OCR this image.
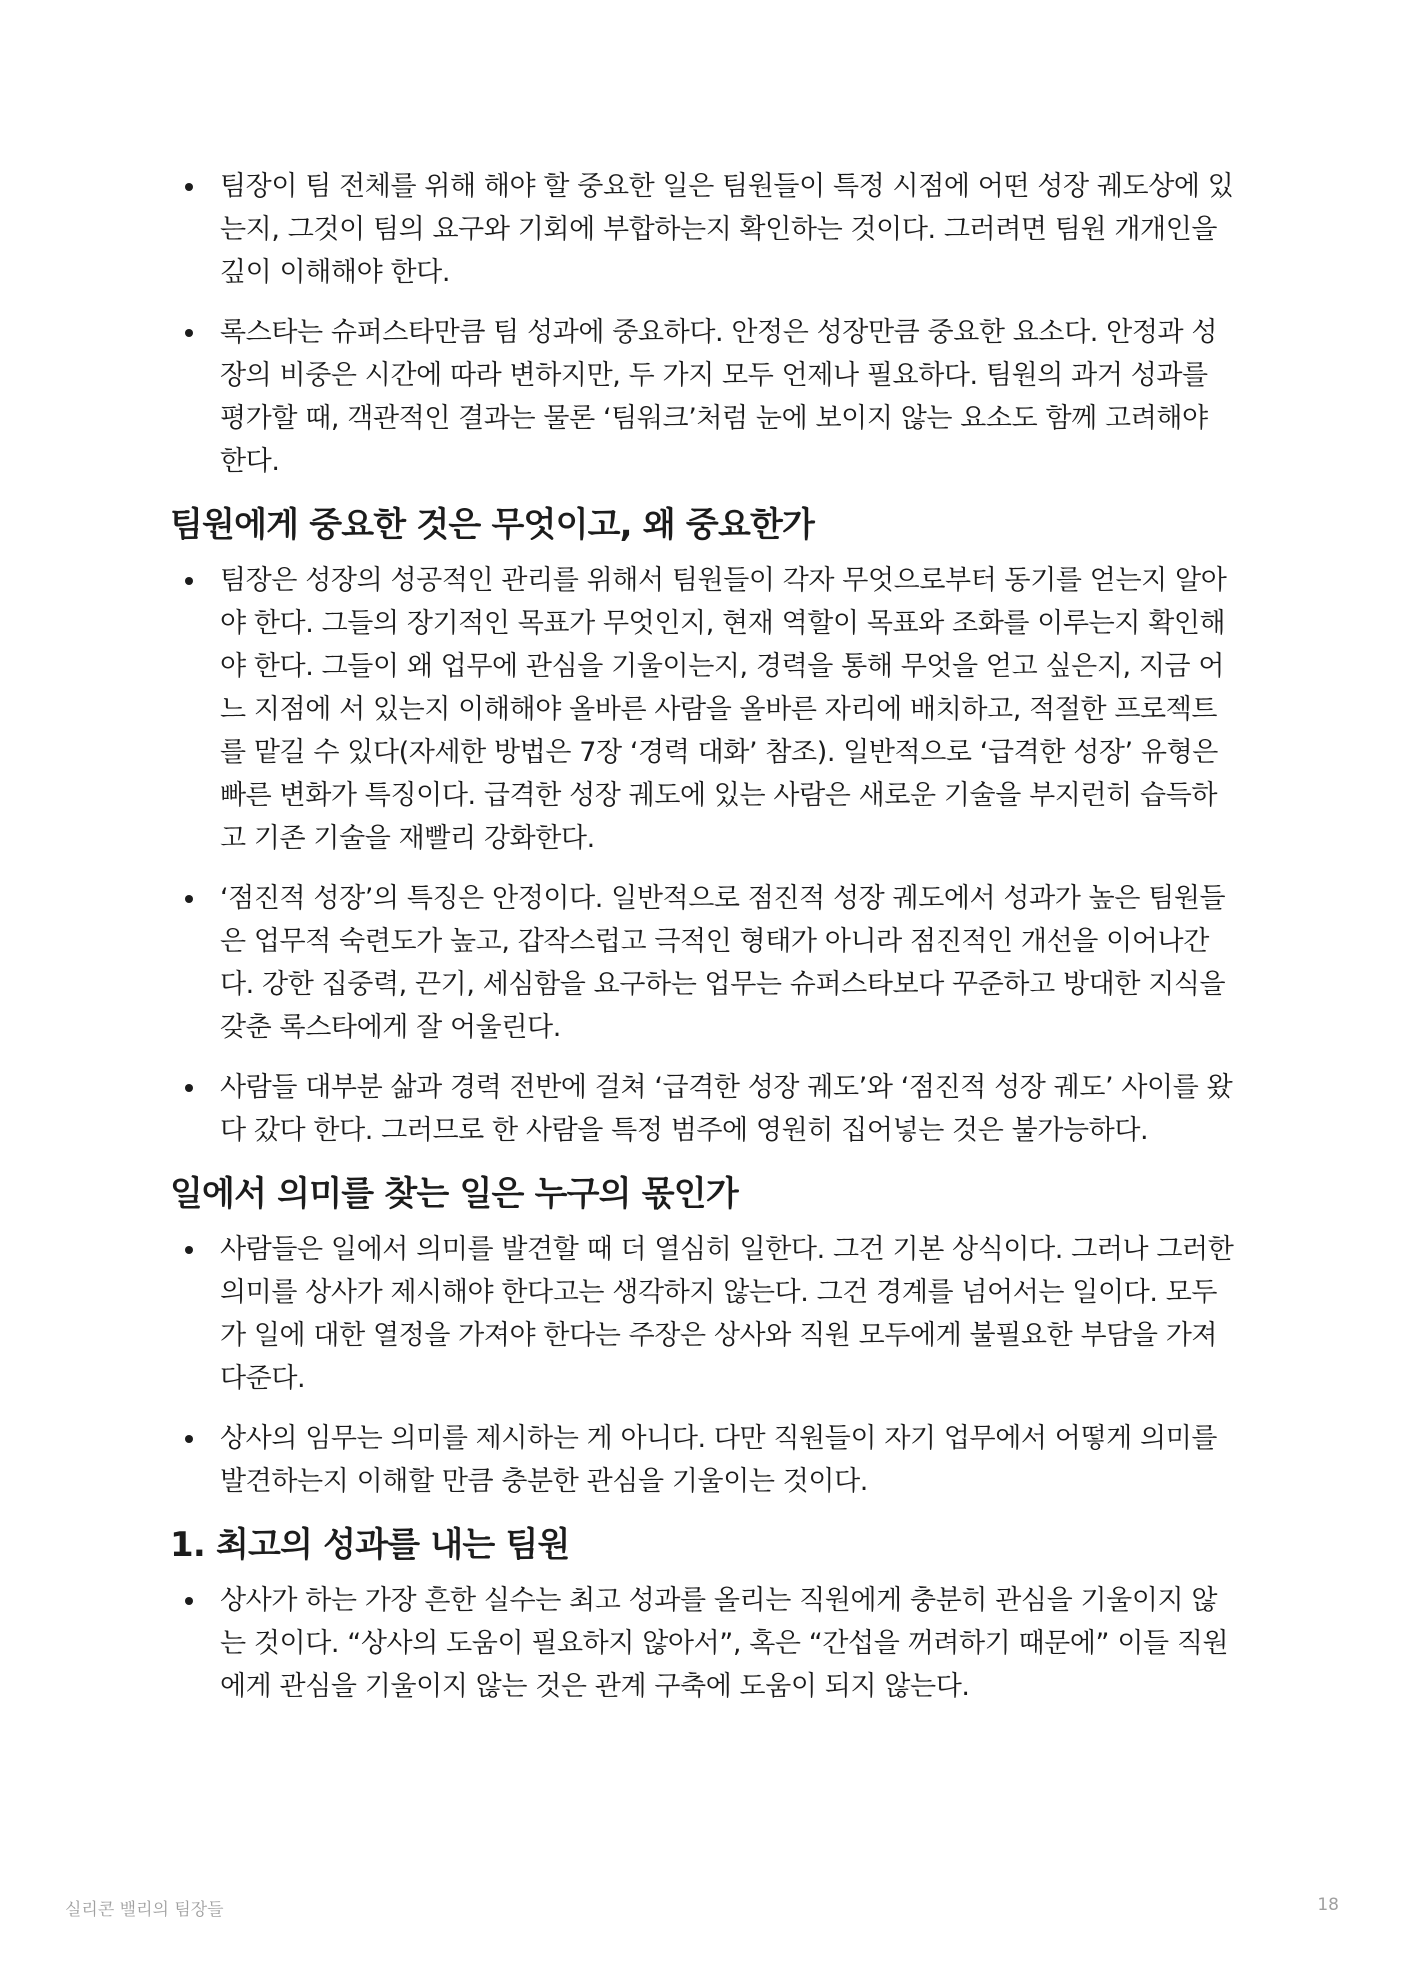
팀장이 팀 전체를 위해 해야 할 중요한 일은 팀원들이 특정 시점에 어떤 성장 궤도상에 있는지, 그것이 팀의 요구와 기회에 부합하는지 확인하는 것이다. 그러려면 팀원 개개인을 깊이 이해해야 한다.
록스타는 슈퍼스타만큼 팀 성과에 중요하다. 안정은 성장만큼 중요한 요소다. 안정과 성장의 비중은 시간에 따라 변하지만, 두 가지 모두 언제나 필요하다. 팀원의 과거 성과를 평가할 때, 객관적인 결과는 물론 ‘팀워크’처럼 눈에 보이지 않는 요소도 함께 고려해야 한다.
팀원에게 중요한 것은 무엇이고, 왜 중요한가
팀장은 성장의 성공적인 관리를 위해서 팀원들이 각자 무엇으로부터 동기를 얻는지 알아야 한다. 그들의 장기적인 목표가 무엇인지, 현재 역할이 목표와 조화를 이루는지 확인해야 한다. 그들이 왜 업무에 관심을 기울이는지, 경력을 통해 무엇을 얻고 싶은지, 지금 어느 지점에 서 있는지 이해해야 올바른 사람을 올바른 자리에 배치하고, 적절한 프로젝트를 맡길 수 있다(자세한 방법은 7장 ‘경력 대화’ 참조). 일반적으로 ‘급격한 성장’ 유형은 빠른 변화가 특징이다. 급격한 성장 궤도에 있는 사람은 새로운 기술을 부지런히 습득하고 기존 기술을 재빨리 강화한다.
‘점진적 성장’의 특징은 안정이다. 일반적으로 점진적 성장 궤도에서 성과가 높은 팀원들은 업무적 숙련도가 높고, 갑작스럽고 극적인 형태가 아니라 점진적인 개선을 이어나간다. 강한 집중력, 끈기, 세심함을 요구하는 업무는 슈퍼스타보다 꾸준하고 방대한 지식을 갖춘 록스타에게 잘 어울린다.
사람들 대부분 삶과 경력 전반에 걸쳐 ‘급격한 성장 궤도’와 ‘점진적 성장 궤도’ 사이를 왔다 갔다 한다. 그러므로 한 사람을 특정 범주에 영원히 집어넣는 것은 불가능하다.
일에서 의미를 찾는 일은 누구의 몫인가
사람들은 일에서 의미를 발견할 때 더 열심히 일한다. 그건 기본 상식이다. 그러나 그러한 의미를 상사가 제시해야 한다고는 생각하지 않는다. 그건 경계를 넘어서는 일이다. 모두가 일에 대한 열정을 가져야 한다는 주장은 상사와 직원 모두에게 불필요한 부담을 가져다준다.
상사의 임무는 의미를 제시하는 게 아니다. 다만 직원들이 자기 업무에서 어떻게 의미를 발견하는지 이해할 만큼 충분한 관심을 기울이는 것이다.
1. 최고의 성과를 내는 팀원
상사가 하는 가장 흔한 실수는 최고 성과를 올리는 직원에게 충분히 관심을 기울이지 않는 것이다. “상사의 도움이 필요하지 않아서”, 혹은 “간섭을 꺼려하기 때문에” 이들 직원에게 관심을 기울이지 않는 것은 관계 구축에 도움이 되지 않는다.
실리콘 밸리의 팀장들	18
